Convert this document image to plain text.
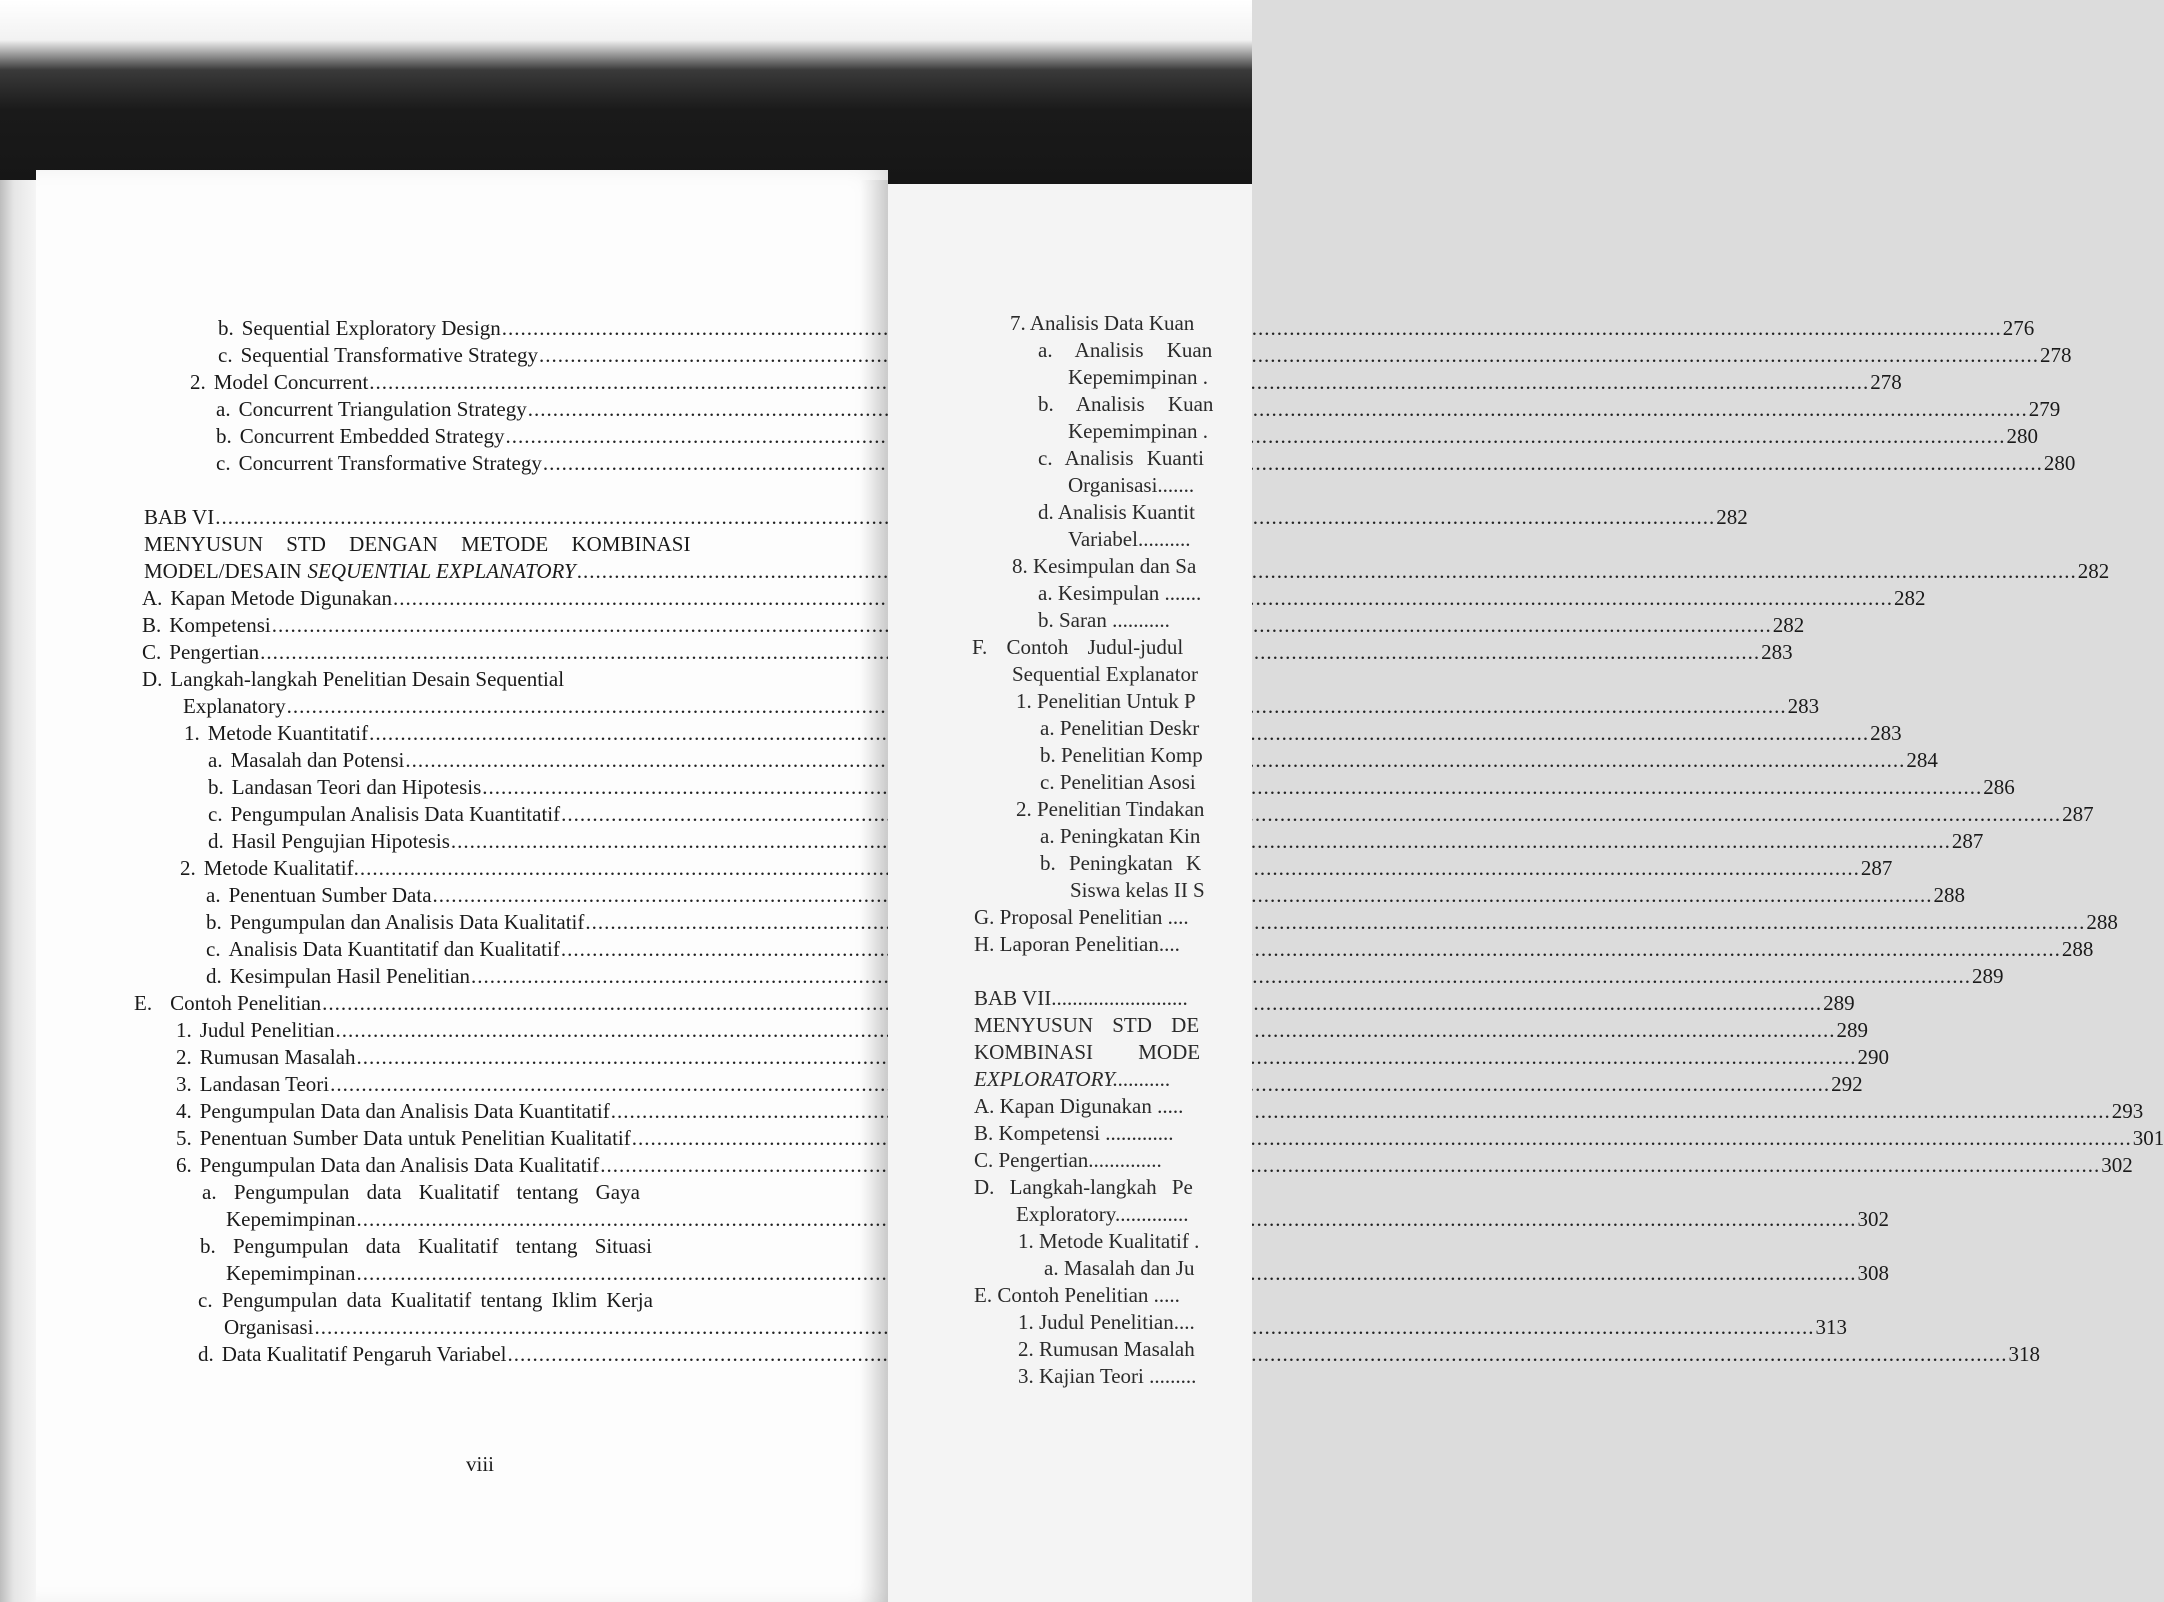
b. Sequential Exploratory Design .....	276
c. Sequential Transformative Strategy .....	278
2. Model Concurrent .....	278
a. Concurrent Triangulation Strategy .....	279
b. Concurrent Embedded Strategy .....	280
c. Concurrent Transformative Strategy .....	280
BAB VI .....	282
MENYUSUN STD DENGAN METODE KOMBINASI
MODEL/DESAIN SEQUENTIAL EXPLANATORY .....	282
A. Kapan Metode Digunakan .....	282
B. Kompetensi .....	282
C. Pengertian .....	283
D. Langkah-langkah Penelitian Desain Sequential
Explanatory .....	283
1. Metode Kuantitatif .....	283
a. Masalah dan Potensi .....	284
b. Landasan Teori dan Hipotesis .....	286
c. Pengumpulan Analisis Data Kuantitatif .....	287
d. Hasil Pengujian Hipotesis .....	287
2. Metode Kualitatif. .....	287
a. Penentuan Sumber Data .....	288
b. Pengumpulan dan Analisis Data Kualitatif .....	288
c. Analisis Data Kuantitatif dan Kualitatif .....	288
d. Kesimpulan Hasil Penelitian .....	289
E. Contoh Penelitian .....	289
1. Judul Penelitian .....	289
2. Rumusan Masalah .....	290
3. Landasan Teori .....	292
4. Pengumpulan Data dan Analisis Data Kuantitatif .....	293
5. Penentuan Sumber Data untuk Penelitian Kualitatif .....	301
6. Pengumpulan Data dan Analisis Data Kualitatif .....	302
a. Pengumpulan data Kualitatif tentang Gaya
Kepemimpinan .....	302
b. Pengumpulan data Kualitatif tentang Situasi
Kepemimpinan .....	308
c. Pengumpulan data Kualitatif tentang Iklim Kerja
Organisasi .....	313
d. Data Kualitatif Pengaruh Variabel .....	318
viii
7. Analisis Data Kuan
a. Analisis Kuan
Kepemimpinan .
b. Analisis Kuan
Kepemimpinan .
c. Analisis Kuanti
Organisasi.......
d. Analisis Kuantit
Variabel..........
8. Kesimpulan dan Sa
a. Kesimpulan .......
b. Saran ...........
F. Contoh Judul-judul
Sequential Explanator
1. Penelitian Untuk P
a. Penelitian Deskr
b. Penelitian Komp
c. Penelitian Asosi
2. Penelitian Tindakan
a. Peningkatan Kin
b. Peningkatan K
Siswa kelas II S
G. Proposal Penelitian ....
H. Laporan Penelitian....
BAB VII..........................
MENYUSUN STD DE
KOMBINASI MODE
EXPLORATORY...........
A. Kapan Digunakan .....
B. Kompetensi .............
C. Pengertian..............
D. Langkah-langkah Pe
Exploratory..............
1. Metode Kualitatif .
a. Masalah dan Ju
E. Contoh Penelitian .....
1. Judul Penelitian....
2. Rumusan Masalah
3. Kajian Teori .........
